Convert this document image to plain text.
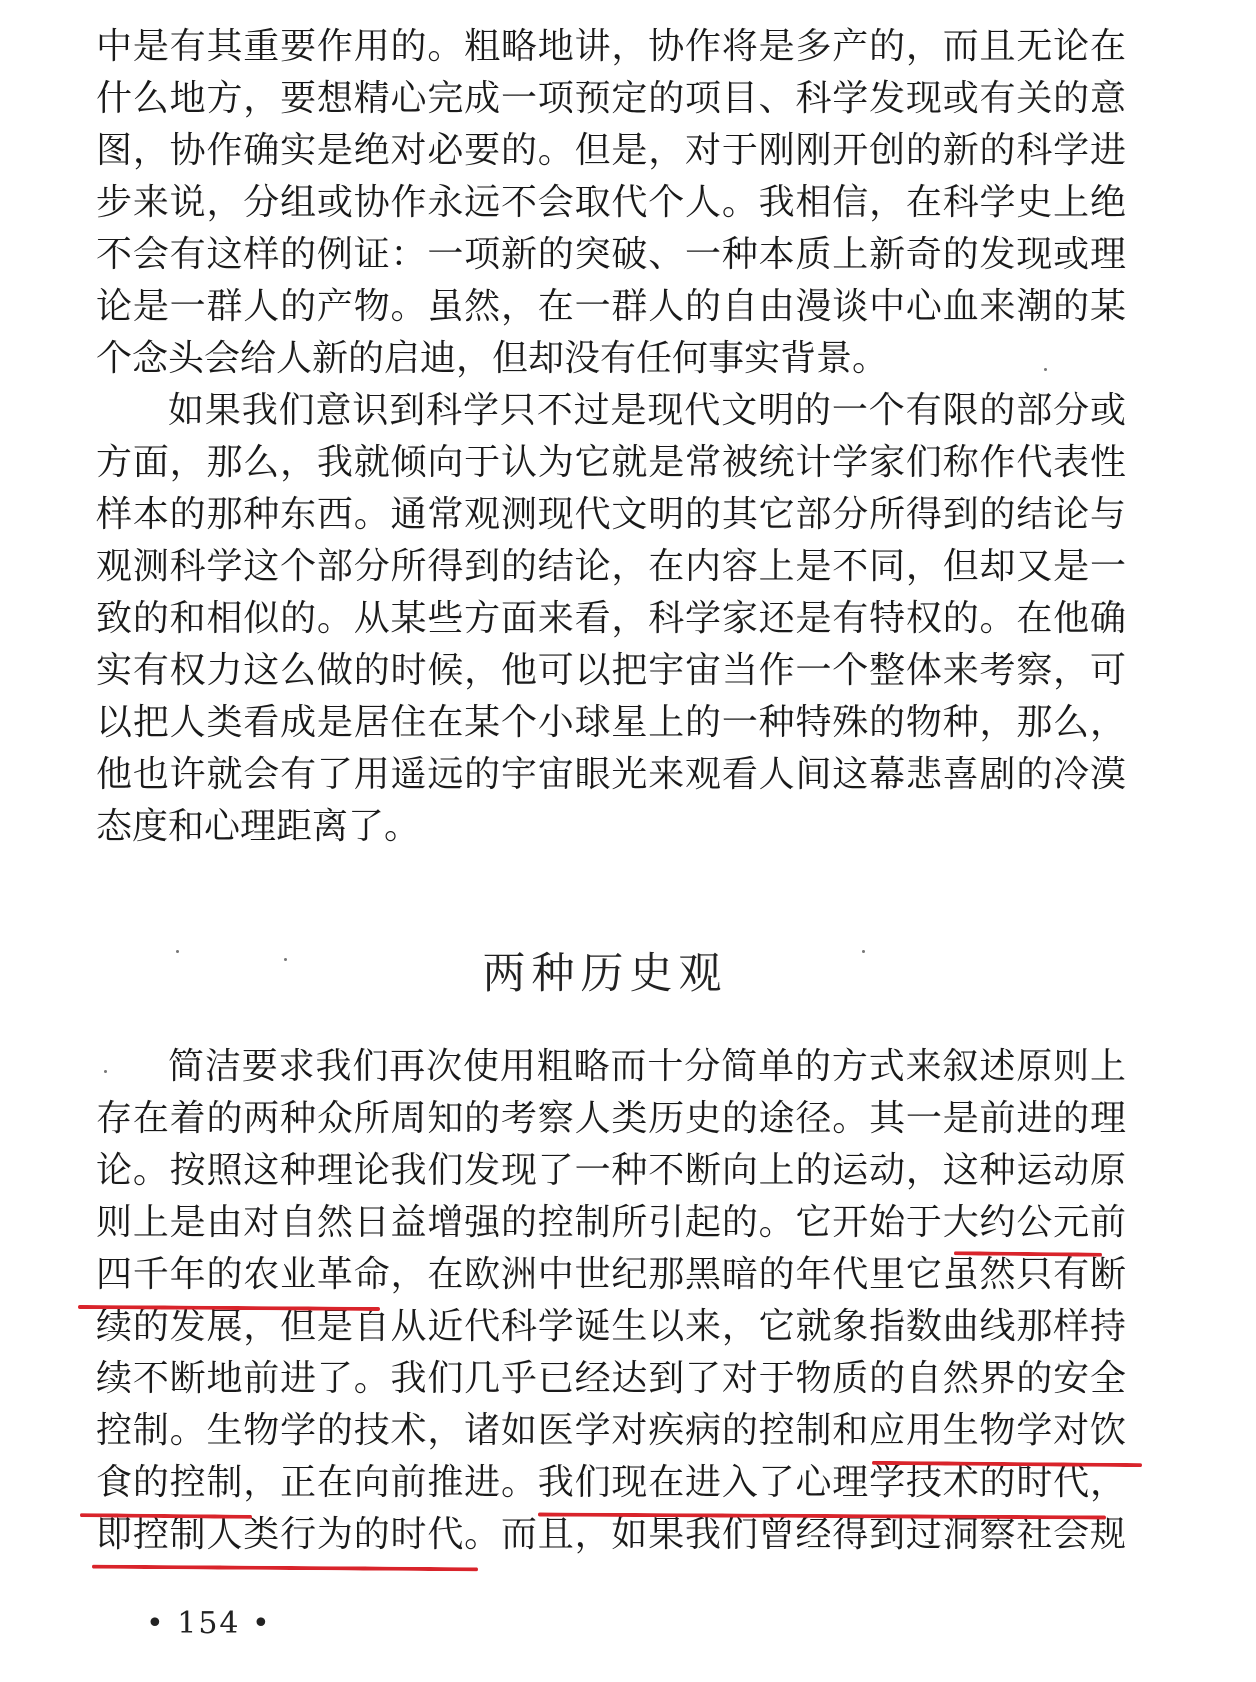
中是有其重要作用的。粗略地讲，协作将是多产的，而且无论在
什么地方，要想精心完成一项预定的项目、科学发现或有关的意
图，协作确实是绝对必要的。但是，对于刚刚开创的新的科学进
步来说，分组或协作永远不会取代个人。我相信，在科学史上绝
不会有这样的例证：一项新的突破、一种本质上新奇的发现或理
论是一群人的产物。虽然，在一群人的自由漫谈中心血来潮的某
个念头会给人新的启迪，但却没有任何事实背景。
如果我们意识到科学只不过是现代文明的一个有限的部分或
方面，那么，我就倾向于认为它就是常被统计学家们称作代表性
样本的那种东西。通常观测现代文明的其它部分所得到的结论与
观测科学这个部分所得到的结论，在内容上是不同，但却又是一
致的和相似的。从某些方面来看，科学家还是有特权的。在他确
实有权力这么做的时候，他可以把宇宙当作一个整体来考察，可
以把人类看成是居住在某个小球星上的一种特殊的物种，那么，
他也许就会有了用遥远的宇宙眼光来观看人间这幕悲喜剧的冷漠
态度和心理距离了。
两种历史观
简洁要求我们再次使用粗略而十分简单的方式来叙述原则上
存在着的两种众所周知的考察人类历史的途径。其一是前进的理
论。按照这种理论我们发现了一种不断向上的运动，这种运动原
则上是由对自然日益增强的控制所引起的。它开始于大约公元前
四千年的农业革命，在欧洲中世纪那黑暗的年代里它虽然只有断
续的发展，但是自从近代科学诞生以来，它就象指数曲线那样持
续不断地前进了。我们几乎已经达到了对于物质的自然界的安全
控制。生物学的技术，诸如医学对疾病的控制和应用生物学对饮
食的控制，正在向前推进。我们现在进入了心理学技术的时代，
即控制人类行为的时代。而且，如果我们曾经得到过洞察社会规
• 154 •
